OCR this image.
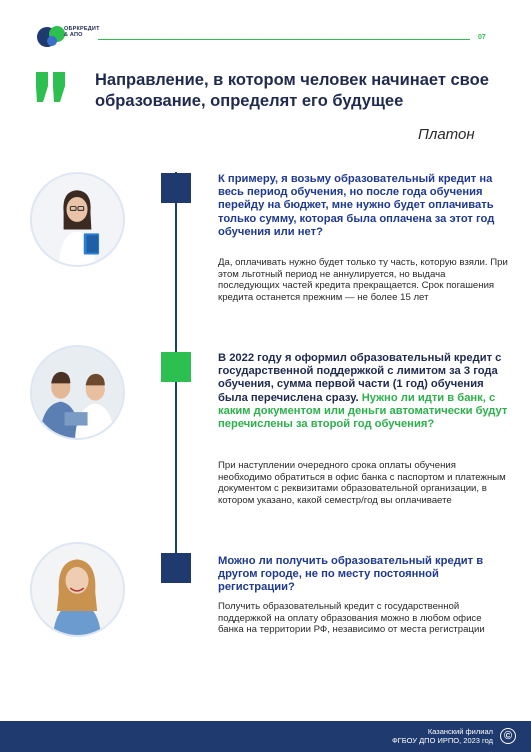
ОБРКРЕДИТ
& АПО	07
Направление, в котором человек начинает свое образование, определят его будущее
Платон
К примеру, я возьму образовательный кредит на весь период обучения, но после года обучения перейду на бюджет, мне нужно будет оплачивать только сумму, которая была оплачена за этот год обучения или нет?
Да, оплачивать нужно будет только ту часть, которую взяли. При этом льготный период не аннулируется, но выдача последующих частей кредита прекращается. Срок погашения кредита останется прежним — не более 15 лет
В 2022 году я оформил образовательный кредит с государственной поддержкой с лимитом за 3 года обучения, сумма первой части (1 год) обучения была перечислена сразу. Нужно ли идти в банк, с каким документом или деньги автоматически будут перечислены за второй год обучения?
При наступлении очередного срока оплаты обучения необходимо обратиться в офис банка с паспортом и платежным документом с реквизитами образовательной организации, в котором указано, какой семестр/год вы оплачиваете
Можно ли получить образовательный кредит в другом городе, не по месту постоянной регистрации?
Получить образовательный кредит с государственной поддержкой на оплату образования можно в любом офисе банка на территории РФ, независимо от места регистрации
Казанский филиал
ФГБОУ ДПО ИРПО, 2023 год ©
